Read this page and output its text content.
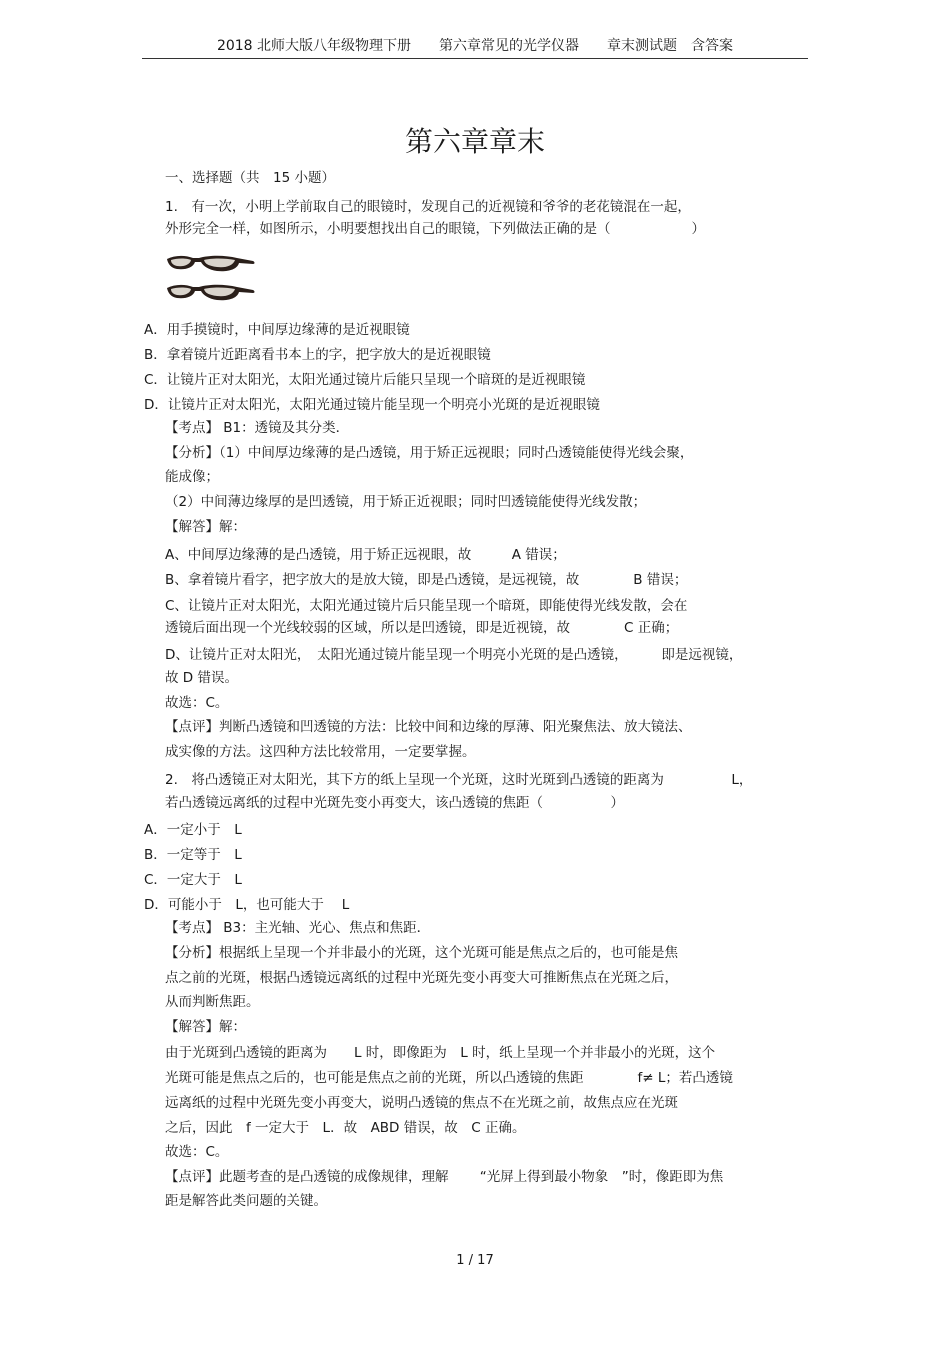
2018 北师大版八年级物理下册　　第六章常见的光学仪器　　章末测试题　含答案
第六章章末
一、选择题（共　15 小题）
1.　有一次，小明上学前取自己的眼镜时，发现自己的近视镜和爷爷的老花镜混在一起，
外形完全一样，如图所示，小明要想找出自己的眼镜，下列做法正确的是（　　　　　　）
A．用手摸镜时，中间厚边缘薄的是近视眼镜
B．拿着镜片近距离看书本上的字，把字放大的是近视眼镜
C．让镜片正对太阳光，太阳光通过镜片后能只呈现一个暗斑的是近视眼镜
D．让镜片正对太阳光，太阳光通过镜片能呈现一个明亮小光斑的是近视眼镜
【考点】 B1：透镜及其分类．
【分析】（1）中间厚边缘薄的是凸透镜，用于矫正远视眼；同时凸透镜能使得光线会聚，
能成像；
（2）中间薄边缘厚的是凹透镜，用于矫正近视眼；同时凹透镜能使得光线发散；
【解答】解：
A、中间厚边缘薄的是凸透镜，用于矫正远视眼，故　　　A 错误；
B、拿着镜片看字，把字放大的是放大镜，即是凸透镜，是远视镜，故　　　　B 错误；
C、让镜片正对太阳光，太阳光通过镜片后只能呈现一个暗斑，即能使得光线发散，会在
透镜后面出现一个光线较弱的区域，所以是凹透镜，即是近视镜，故　　　　C 正确；
D、让镜片正对太阳光，　太阳光通过镜片能呈现一个明亮小光斑的是凸透镜，　　　即是远视镜，
故 D 错误。
故选：C。
【点评】判断凸透镜和凹透镜的方法：比较中间和边缘的厚薄、阳光聚焦法、放大镜法、
成实像的方法。这四种方法比较常用，一定要掌握。
2.　将凸透镜正对太阳光，其下方的纸上呈现一个光斑，这时光斑到凸透镜的距离为　　　　　L，
若凸透镜远离纸的过程中光斑先变小再变大，该凸透镜的焦距（　　　　　）
A．一定小于　L
B．一定等于　L
C．一定大于　L
D．可能小于　L，也可能大于　 L
【考点】 B3：主光轴、光心、焦点和焦距．
【分析】根据纸上呈现一个并非最小的光斑，这个光斑可能是焦点之后的，也可能是焦
点之前的光斑，根据凸透镜远离纸的过程中光斑先变小再变大可推断焦点在光斑之后，
从而判断焦距。
【解答】解：
由于光斑到凸透镜的距离为　　L 时，即像距为　L 时，纸上呈现一个并非最小的光斑，这个
光斑可能是焦点之后的，也可能是焦点之前的光斑，所以凸透镜的焦距　　　　f≠ L；若凸透镜
远离纸的过程中光斑先变小再变大，说明凸透镜的焦点不在光斑之前，故焦点应在光斑
之后，因此　f 一定大于　L．故　ABD 错误，故　C 正确。
故选：C。
【点评】此题考查的是凸透镜的成像规律，理解　　 “光屏上得到最小物象　”时，像距即为焦
距是解答此类问题的关键。
1 / 17
